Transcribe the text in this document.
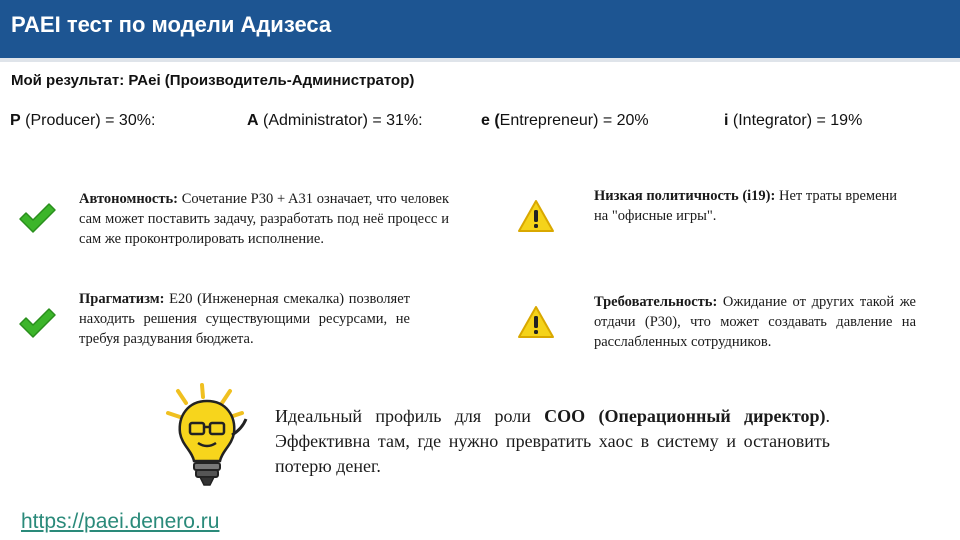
PAEI тест по модели Адизеса
Мой результат: PAei (Производитель-Администратор)
P (Producer) = 30%:	A (Administrator) = 31%:	e (Entrepreneur) = 20%	i (Integrator) = 19%
Автономность: Сочетание P30 + A31 означает, что человек сам может поставить задачу, разработать под неё процесс и сам же проконтролировать исполнение.
Прагматизм: E20 (Инженерная смекалка) позволяет находить решения существующими ресурсами, не требуя раздувания бюджета.
Низкая политичность (i19): Нет траты времени на "офисные игры".
Требовательность: Ожидание от других такой же отдачи (P30), что может создавать давление на расслабленных сотрудников.
Идеальный профиль для роли COO (Операционный директор). Эффективна там, где нужно превратить хаос в систему и остановить потерю денег.
https://paei.denero.ru
